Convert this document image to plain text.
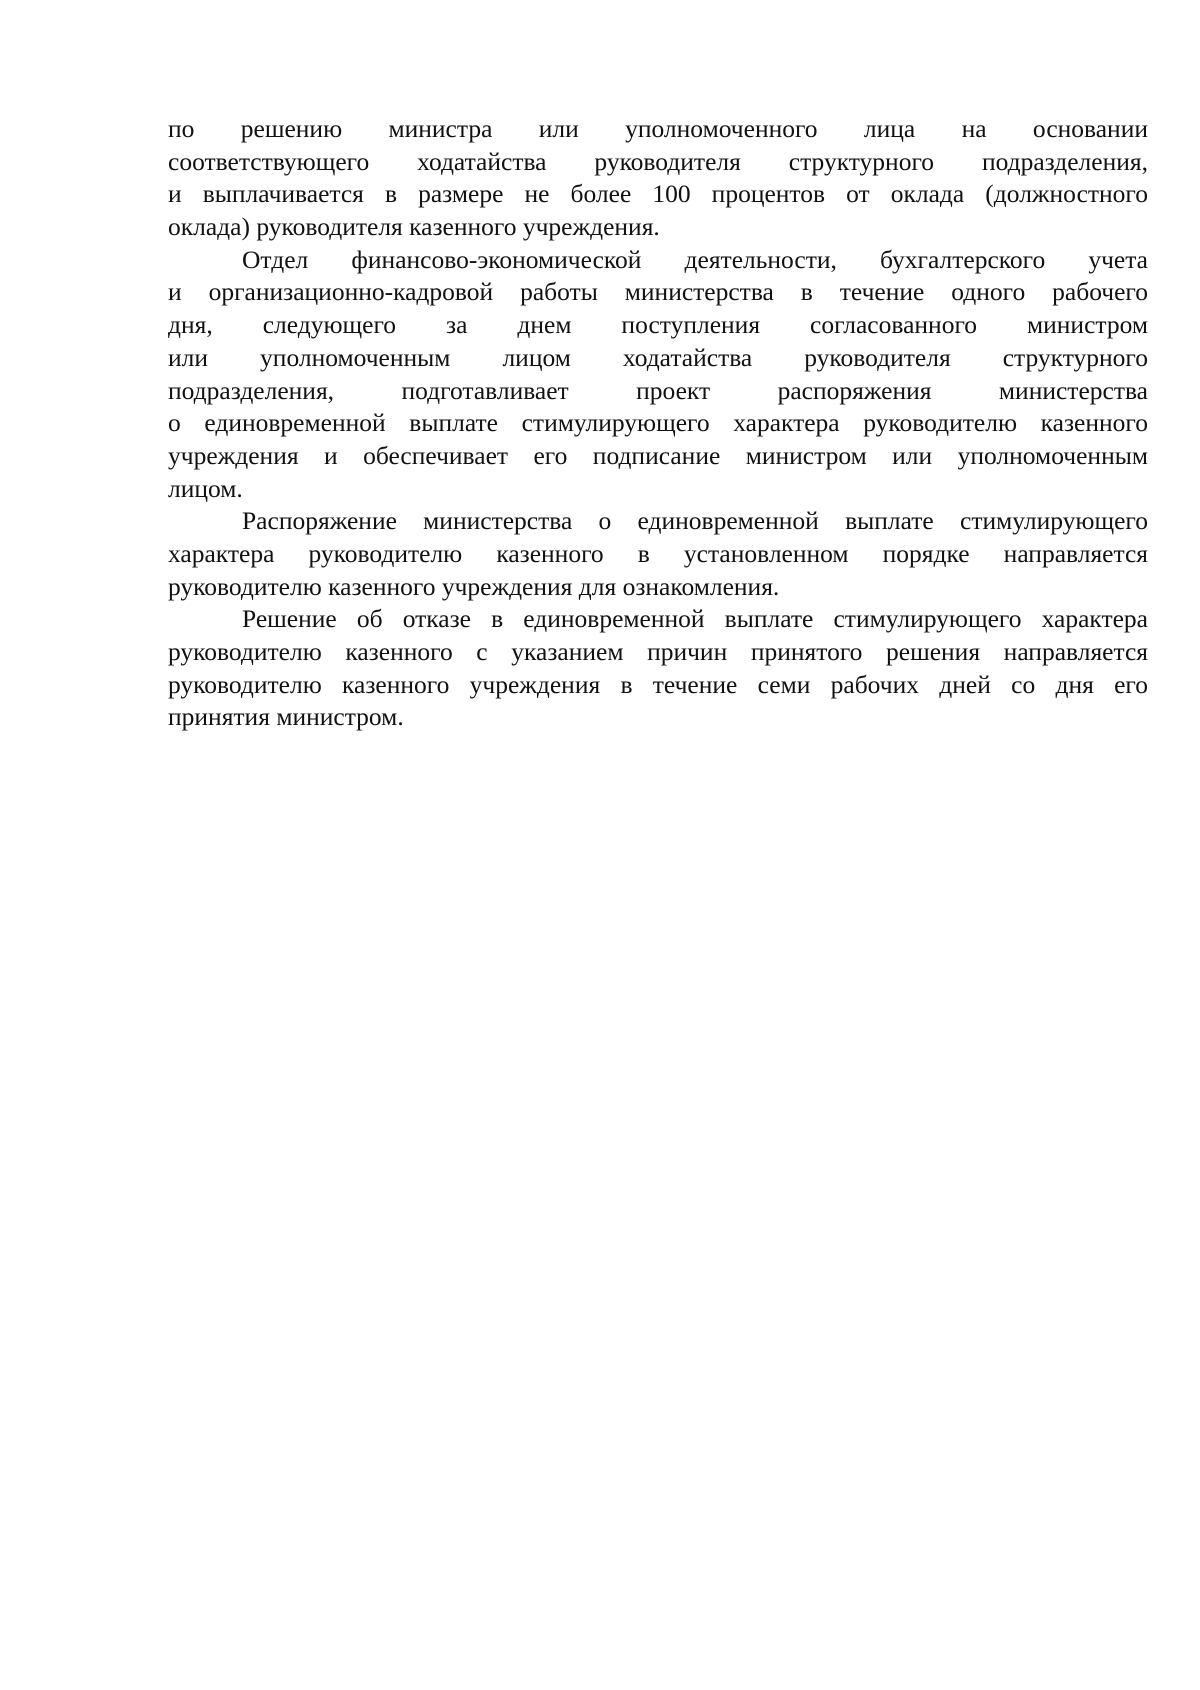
по решению министра или уполномоченного лица на основании
соответствующего ходатайства руководителя структурного подразделения,
и выплачивается в размере не более 100 процентов от оклада (должностного
оклада) руководителя казенного учреждения.

Отдел финансово-экономической деятельности, бухгалтерского учета
и организационно-кадровой работы министерства в течение одного рабочего
дня, следующего за днем поступления согласованного министром
или уполномоченным лицом ходатайства руководителя структурного
подразделения, подготавливает проект распоряжения министерства
о единовременной выплате стимулирующего характера руководителю казенного
учреждения и обеспечивает его подписание министром или уполномоченным
лицом.

Распоряжение министерства о единовременной выплате стимулирующего
характера руководителю казенного в установленном порядке направляется
руководителю казенного учреждения для ознакомления.

Решение об отказе в единовременной выплате стимулирующего характера
руководителю казенного с указанием причин принятого решения направляется
руководителю казенного учреждения в течение семи рабочих дней со дня его
принятия министром.
